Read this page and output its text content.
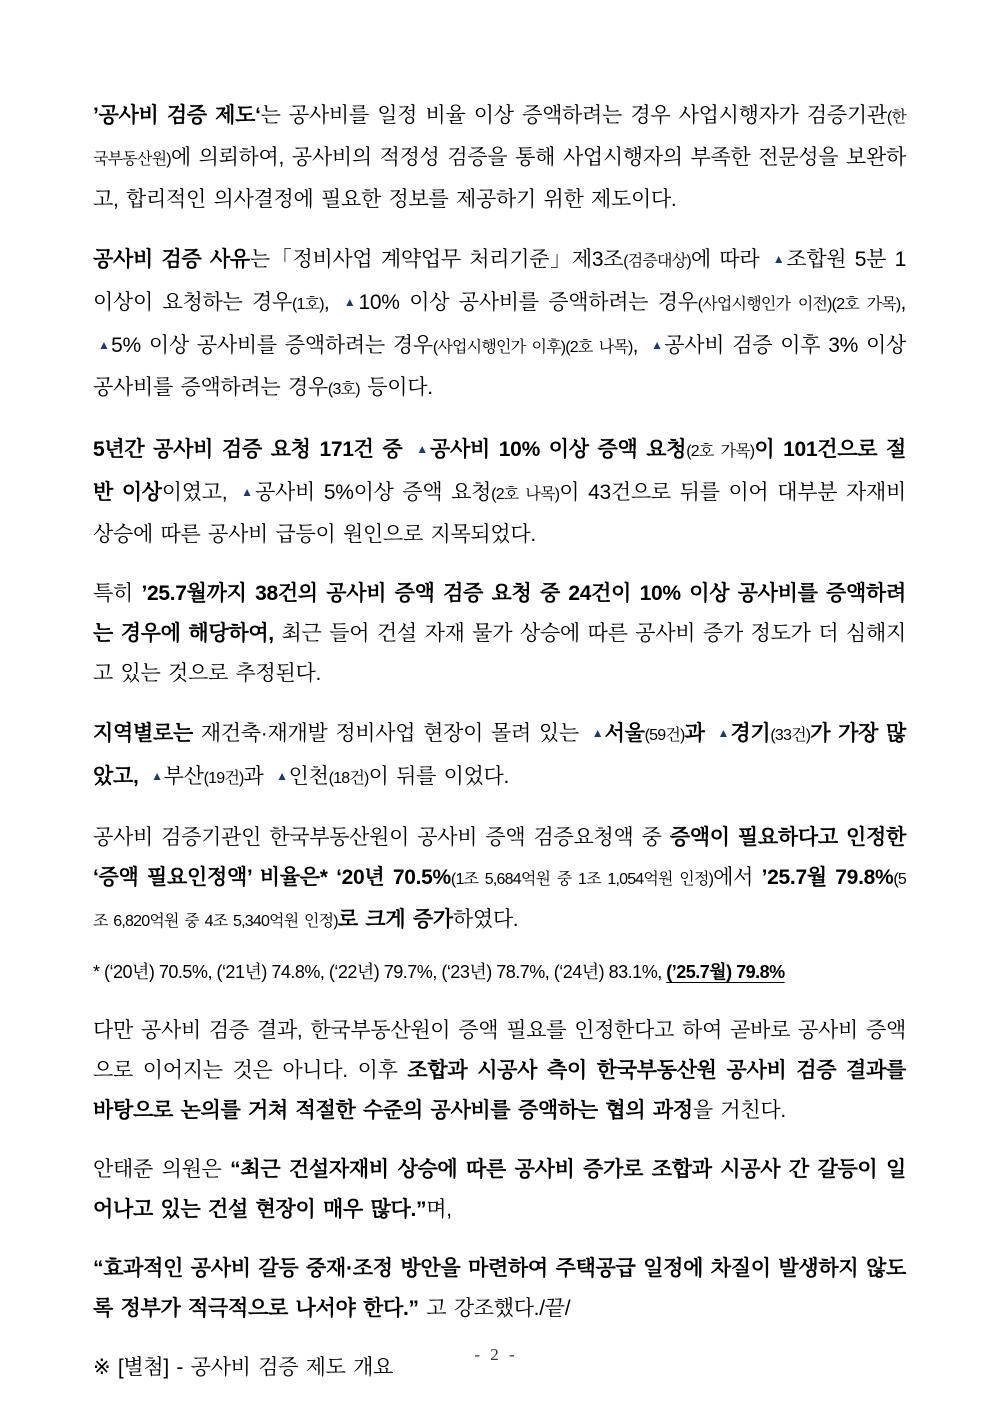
’공사비 검증 제도‘는 공사비를 일정 비율 이상 증액하려는 경우 사업시행자가 검증기관(한국부동산원)에 의뢰하여, 공사비의 적정성 검증을 통해 사업시행자의 부족한 전문성을 보완하고, 합리적인 의사결정에 필요한 정보를 제공하기 위한 제도이다.

공사비 검증 사유는「정비사업 계약업무 처리기준」제3조(검증대상)에 따라 ▲조합원 5분 1 이상이 요청하는 경우(1호), ▲10% 이상 공사비를 증액하려는 경우(사업시행인가 이전)(2호 가목), ▲5% 이상 공사비를 증액하려는 경우(사업시행인가 이후)(2호 나목), ▲공사비 검증 이후 3% 이상 공사비를 증액하려는 경우(3호) 등이다.

5년간 공사비 검증 요청 171건 중 ▲공사비 10% 이상 증액 요청(2호 가목)이 101건으로 절반 이상이였고, ▲공사비 5%이상 증액 요청(2호 나목)이 43건으로 뒤를 이어 대부분 자재비 상승에 따른 공사비 급등이 원인으로 지목되었다.

특히 ’25.7월까지 38건의 공사비 증액 검증 요청 중 24건이 10% 이상 공사비를 증액하려는 경우에 해당하여, 최근 들어 건설 자재 물가 상승에 따른 공사비 증가 정도가 더 심해지고 있는 것으로 추정된다.

지역별로는 재건축·재개발 정비사업 현장이 몰려 있는 ▲서울(59건)과 ▲경기(33건)가 가장 많았고, ▲부산(19건)과 ▲인천(18건)이 뒤를 이었다.

공사비 검증기관인 한국부동산원이 공사비 증액 검증요청액 중 증액이 필요하다고 인정한 ‘증액 필요인정액’ 비율은* ‘20년 70.5%(1조 5,684억원 중 1조 1,054억원 인정)에서 ’25.7월 79.8%(5조 6,820억원 중 4조 5,340억원 인정)로 크게 증가하였다.

* (‘20년) 70.5%, (‘21년) 74.8%, (‘22년) 79.7%, (‘23년) 78.7%, (‘24년) 83.1%, (’25.7월) 79.8%

다만 공사비 검증 결과, 한국부동산원이 증액 필요를 인정한다고 하여 곧바로 공사비 증액으로 이어지는 것은 아니다. 이후 조합과 시공사 측이 한국부동산원 공사비 검증 결과를 바탕으로 논의를 거쳐 적절한 수준의 공사비를 증액하는 협의 과정을 거친다.

안태준 의원은 “최근 건설자재비 상승에 따른 공사비 증가로 조합과 시공사 간 갈등이 일어나고 있는 건설 현장이 매우 많다.”며,

“효과적인 공사비 갈등 중재·조정 방안을 마련하여 주택공급 일정에 차질이 발생하지 않도록 정부가 적극적으로 나서야 한다.” 고 강조했다./끝/

※ [별첨] - 공사비 검증 제도 개요

- 2 -
